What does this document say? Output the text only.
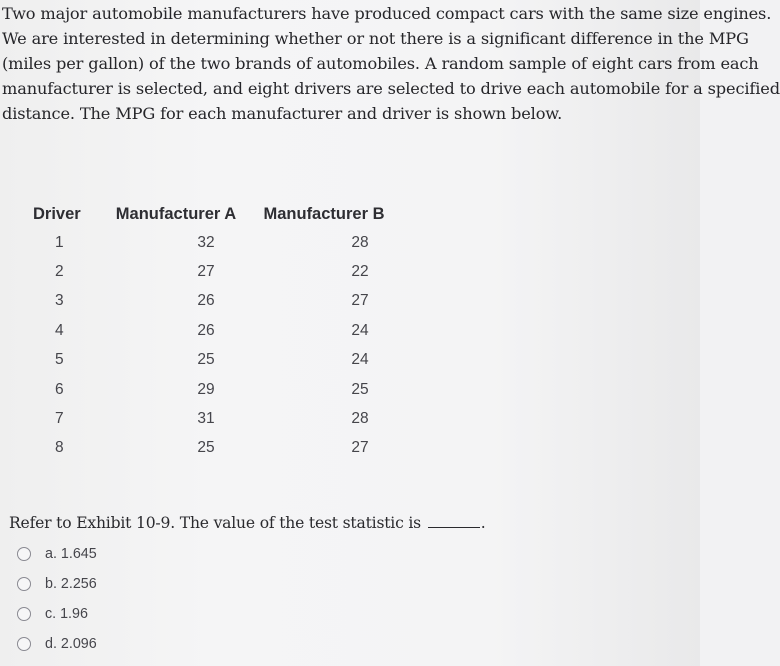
Two major automobile manufacturers have produced compact cars with the same size engines.
We are interested in determining whether or not there is a significant difference in the MPG
(miles per gallon) of the two brands of automobiles. A random sample of eight cars from each
manufacturer is selected, and eight drivers are selected to drive each automobile for a specified
distance. The MPG for each manufacturer and driver is shown below.

Driver	Manufacturer A	Manufacturer B
1	32	28
2	27	22
3	26	27
4	26	24
5	25	24
6	29	25
7	31	28
8	25	27

Refer to Exhibit 10-9. The value of the test statistic is	.

a. 1.645
b. 2.256
c. 1.96
d. 2.096
